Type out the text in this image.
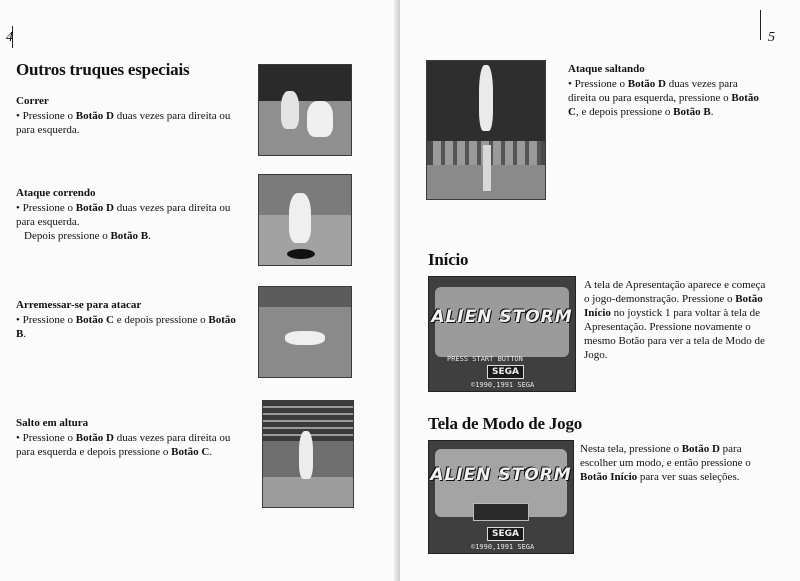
4
Outros truques especiais
Correr
• Pressione o Botão D duas vezes para direita ou para esquerda.
Ataque correndo
• Pressione o Botão D duas vezes para direita ou para esquerda.
Depois pressione o Botão B.
Arremessar-se para atacar
• Pressione o Botão C e depois pressione o Botão B.
Salto em altura
• Pressione o Botão D duas vezes para direita ou para esquerda e depois pressione o Botão C.
5
Ataque saltando
• Pressione o Botão D duas vezes para direita ou para esquerda, pressione o Botão C, e depois pressione o Botão B.
Início
ALIEN STORM
PRESS START BUTTON
SEGA
©1990,1991 SEGA
A tela de Apresentação aparece e começa o jogo-demonstração. Pressione o Botão Início no joystick 1 para voltar à tela de Apresentação. Pressione novamente o mesmo Botão para ver a tela de Modo de Jogo.
Tela de Modo de Jogo
ALIEN STORM
SEGA
©1990,1991 SEGA
Nesta tela, pressione o Botão D para escolher um modo, e então pressione o Botão Início para ver suas seleções.
